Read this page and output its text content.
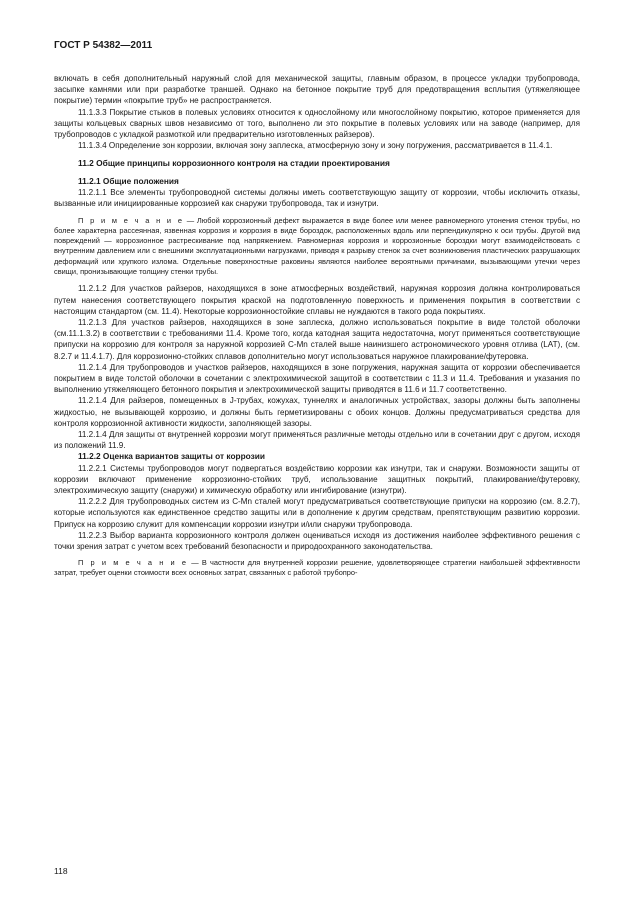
ГОСТ Р 54382—2011

включать в себя дополнительный наружный слой для механической защиты, главным образом, в процессе укладки трубопровода, засыпке камнями или при разработке траншей. Однако на бетонное покрытие труб для предотвращения всплытия (утяжеляющее покрытие) термин «покрытие труб» не распространяется.

11.1.3.3 Покрытие стыков в полевых условиях относится к однослойному или многослойному покрытию, которое применяется для защиты кольцевых сварных швов независимо от того, выполнено ли это покрытие в полевых условиях или на заводе (например, для трубопроводов с укладкой размоткой или предварительно изготовленных райзеров).

11.1.3.4 Определение зон коррозии, включая зону заплеска, атмосферную зону и зону погружения, рассматривается в 11.4.1.

11.2 Общие принципы коррозионного контроля на стадии проектирования
11.2.1 Общие положения

11.2.1.1 Все элементы трубопроводной системы должны иметь соответствующую защиту от коррозии, чтобы исключить отказы, вызванные или инициированные коррозией как снаружи трубопровода, так и изнутри.

П р и м е ч а н и е — Любой коррозионный дефект выражается в виде более или менее равномерного утонения стенок трубы, но более характерна рассеянная, язвенная коррозия и коррозия в виде бороздок, расположенных вдоль или перпендикулярно к оси трубы. Другой вид повреждений — коррозионное растрескивание под напряжением. Равномерная коррозия и коррозионные бороздки могут взаимодействовать с внутренним давлением или с внешними эксплуатационными нагрузками, приводя к разрыву стенок за счет возникновения пластических разрушающих деформаций или хрупкого излома. Отдельные поверхностные раковины являются наиболее вероятными причинами, вызывающими утечки через свищи, пронизывающие толщину стенки трубы.

11.2.1.2 Для участков райзеров, находящихся в зоне атмосферных воздействий, наружная коррозия должна контролироваться путем нанесения соответствующего покрытия краской на подготовленную поверхность и применения покрытия в соответствии с настоящим стандартом (см. 11.4). Некоторые коррозионностойкие сплавы не нуждаются в такого рода покрытиях.

11.2.1.3 Для участков райзеров, находящихся в зоне заплеска, должно использоваться покрытие в виде толстой оболочки (см.11.1.3.2) в соответствии с требованиями 11.4. Кроме того, когда катодная защита недостаточна, могут применяться соответствующие припуски на коррозию для контроля за наружной коррозией С-Mn сталей выше наинизшего астрономического уровня отлива (LAT), (см. 8.2.7 и 11.4.1.7). Для коррозионно-стойких сплавов дополнительно могут использоваться наружное плакирование/футеровка.

11.2.1.4 Для трубопроводов и участков райзеров, находящихся в зоне погружения, наружная защита от коррозии обеспечивается покрытием в виде толстой оболочки в сочетании с электрохимической защитой в соответствии с 11.3 и 11.4. Требования и указания по выполнению утяжеляющего бетонного покрытия и электрохимической защиты приводятся в 11.6 и 11.7 соответственно.

11.2.1.4 Для райзеров, помещенных в J-трубах, кожухах, туннелях и аналогичных устройствах, зазоры должны быть заполнены жидкостью, не вызывающей коррозию, и должны быть герметизированы с обоих концов. Должны предусматриваться средства для контроля коррозионной активности жидкости, заполняющей зазоры.

11.2.1.4 Для защиты от внутренней коррозии могут применяться различные методы отдельно или в сочетании друг с другом, исходя из положений 11.9.

11.2.2 Оценка вариантов защиты от коррозии

11.2.2.1 Системы трубопроводов могут подвергаться воздействию коррозии как изнутри, так и снаружи. Возможности защиты от коррозии включают применение коррозионно-стойких труб, использование защитных покрытий, плакирование/футеровку, электрохимическую защиту (снаружи) и химическую обработку или ингибирование (изнутри).

11.2.2.2 Для трубопроводных систем из С-Mn сталей могут предусматриваться соответствующие припуски на коррозию (см. 8.2.7), которые используются как единственное средство защиты или в дополнение к другим средствам, препятствующим развитию коррозии. Припуск на коррозию служит для компенсации коррозии изнутри и/или снаружи трубопровода.

11.2.2.3 Выбор варианта коррозионного контроля должен оцениваться исходя из достижения наиболее эффективного решения с точки зрения затрат с учетом всех требований безопасности и природоохранного законодательства.

П р и м е ч а н и е — В частности для внутренней коррозии решение, удовлетворяющее стратегии наибольшей эффективности затрат, требует оценки стоимости всех основных затрат, связанных с работой трубопро-
118
